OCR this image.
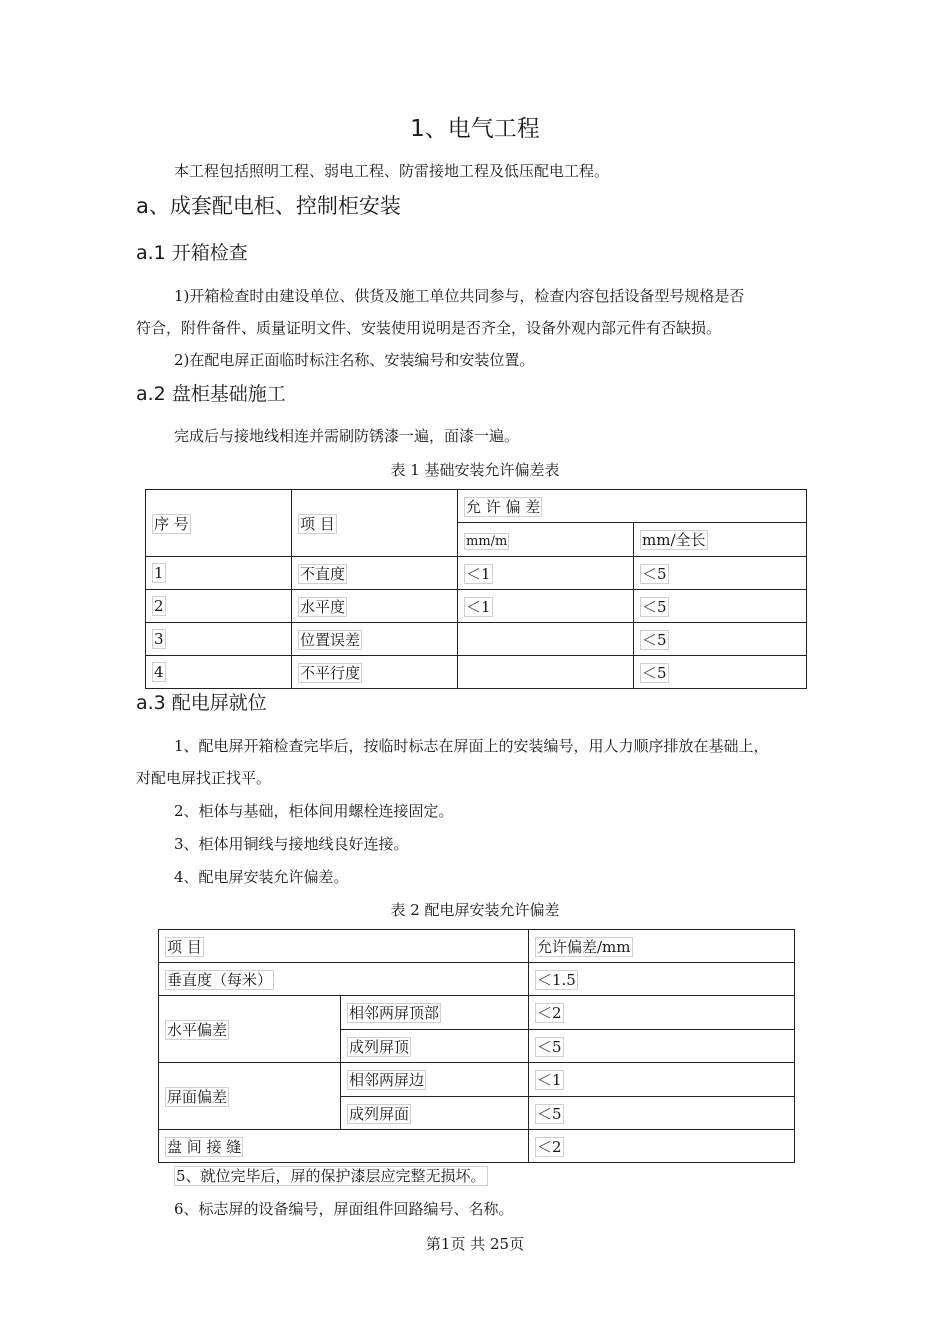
1、电气工程
本工程包括照明工程、弱电工程、防雷接地工程及低压配电工程。
a、成套配电柜、控制柜安装
a.1 开箱检查
1)开箱检查时由建设单位、供货及施工单位共同参与，检查内容包括设备型号规格是否
符合，附件备件、质量证明文件、安装使用说明是否齐全，设备外观内部元件有否缺损。
2)在配电屏正面临时标注名称、安装编号和安装位置。
a.2 盘柜基础施工
完成后与接地线相连并需刷防锈漆一遍，面漆一遍。
表 1 基础安装允许偏差表
序 号	项 目	允 许 偏 差	
		mm/m	mm/全长
1	不直度	＜1	＜5
2	水平度	＜1	＜5
3	位置误差		＜5
4	不平行度		＜5
a.3 配电屏就位
1、配电屏开箱检查完毕后，按临时标志在屏面上的安装编号，用人力顺序排放在基础上，
对配电屏找正找平。
2、柜体与基础，柜体间用螺栓连接固定。
3、柜体用铜线与接地线良好连接。
4、配电屏安装允许偏差。
表 2 配电屏安装允许偏差
项 目		允许偏差/mm
垂直度（每米）		＜1.5
水平偏差	相邻两屏顶部	＜2
	成列屏顶	＜5
屏面偏差	相邻两屏边	＜1
	成列屏面	＜5
盘 间 接 缝		＜2
5、就位完毕后，屏的保护漆层应完整无损坏。
6、标志屏的设备编号，屏面组件回路编号、名称。
第1页 共 25页
